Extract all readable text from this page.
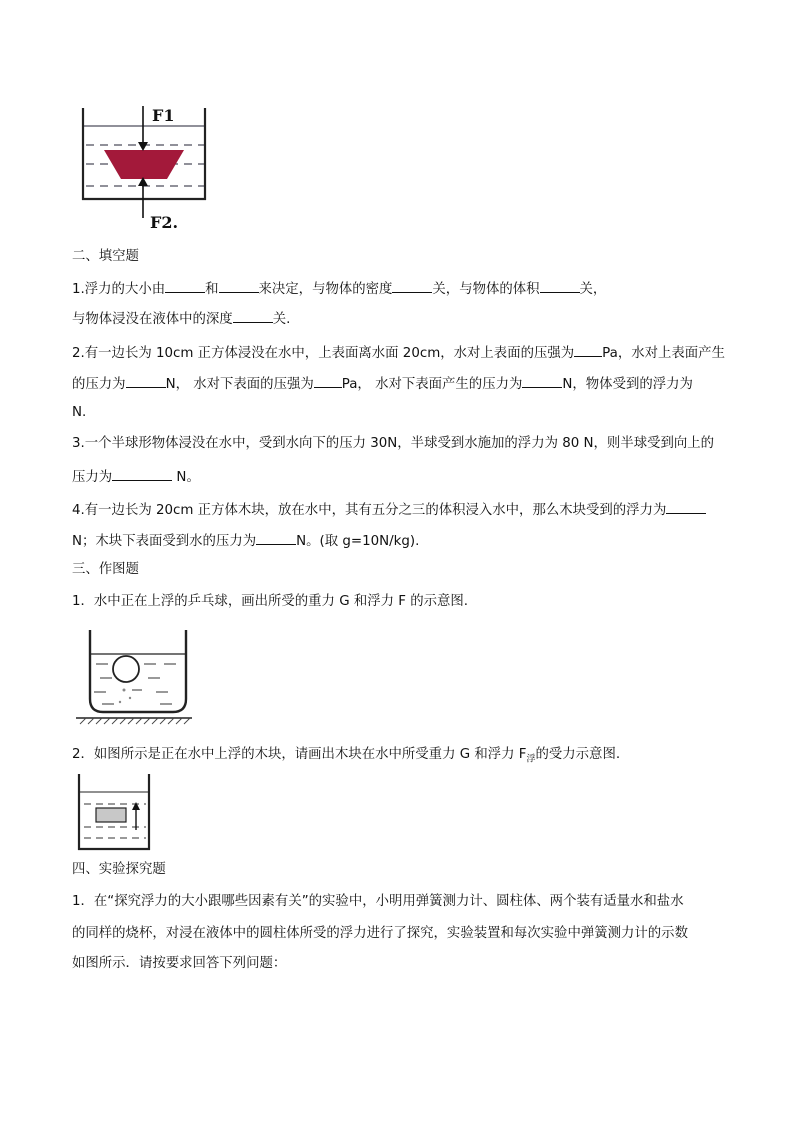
F1
F2.
二、填空题
1.浮力的大小由	和	来决定，与物体的密度	关，与物体的体积	关，
与物体浸没在液体中的深度	关.
2.有一边长为 10cm 正方体浸没在水中，上表面离水面 20cm，水对上表面的压强为 Pa，水对上表面产生
的压力为	N， 水对下表面的压强为 Pa， 水对下表面产生的压力为	N，物体受到的浮力为
N.
3.一个半球形物体浸没在水中，受到水向下的压力 30N，半球受到水施加的浮力为 80 N，则半球受到向上的
压力为	N。
4.有一边长为 20cm 正方体木块，放在水中，其有五分之三的体积浸入水中，那么木块受到的浮力为
N；木块下表面受到水的压力为	N。(取 g=10N/kg).
三、作图题
1．水中正在上浮的乒乓球，画出所受的重力 G 和浮力 F 的示意图.
2．如图所示是正在水中上浮的木块，请画出木块在水中所受重力 G 和浮力 $F_浮$的受力示意图.
四、实验探究题
1．在“探究浮力的大小跟哪些因素有关”的实验中，小明用弹簧测力计、圆柱体、两个装有适量水和盐水
的同样的烧杯，对浸在液体中的圆柱体所受的浮力进行了探究，实验装置和每次实验中弹簧测力计的示数
如图所示．请按要求回答下列问题：
